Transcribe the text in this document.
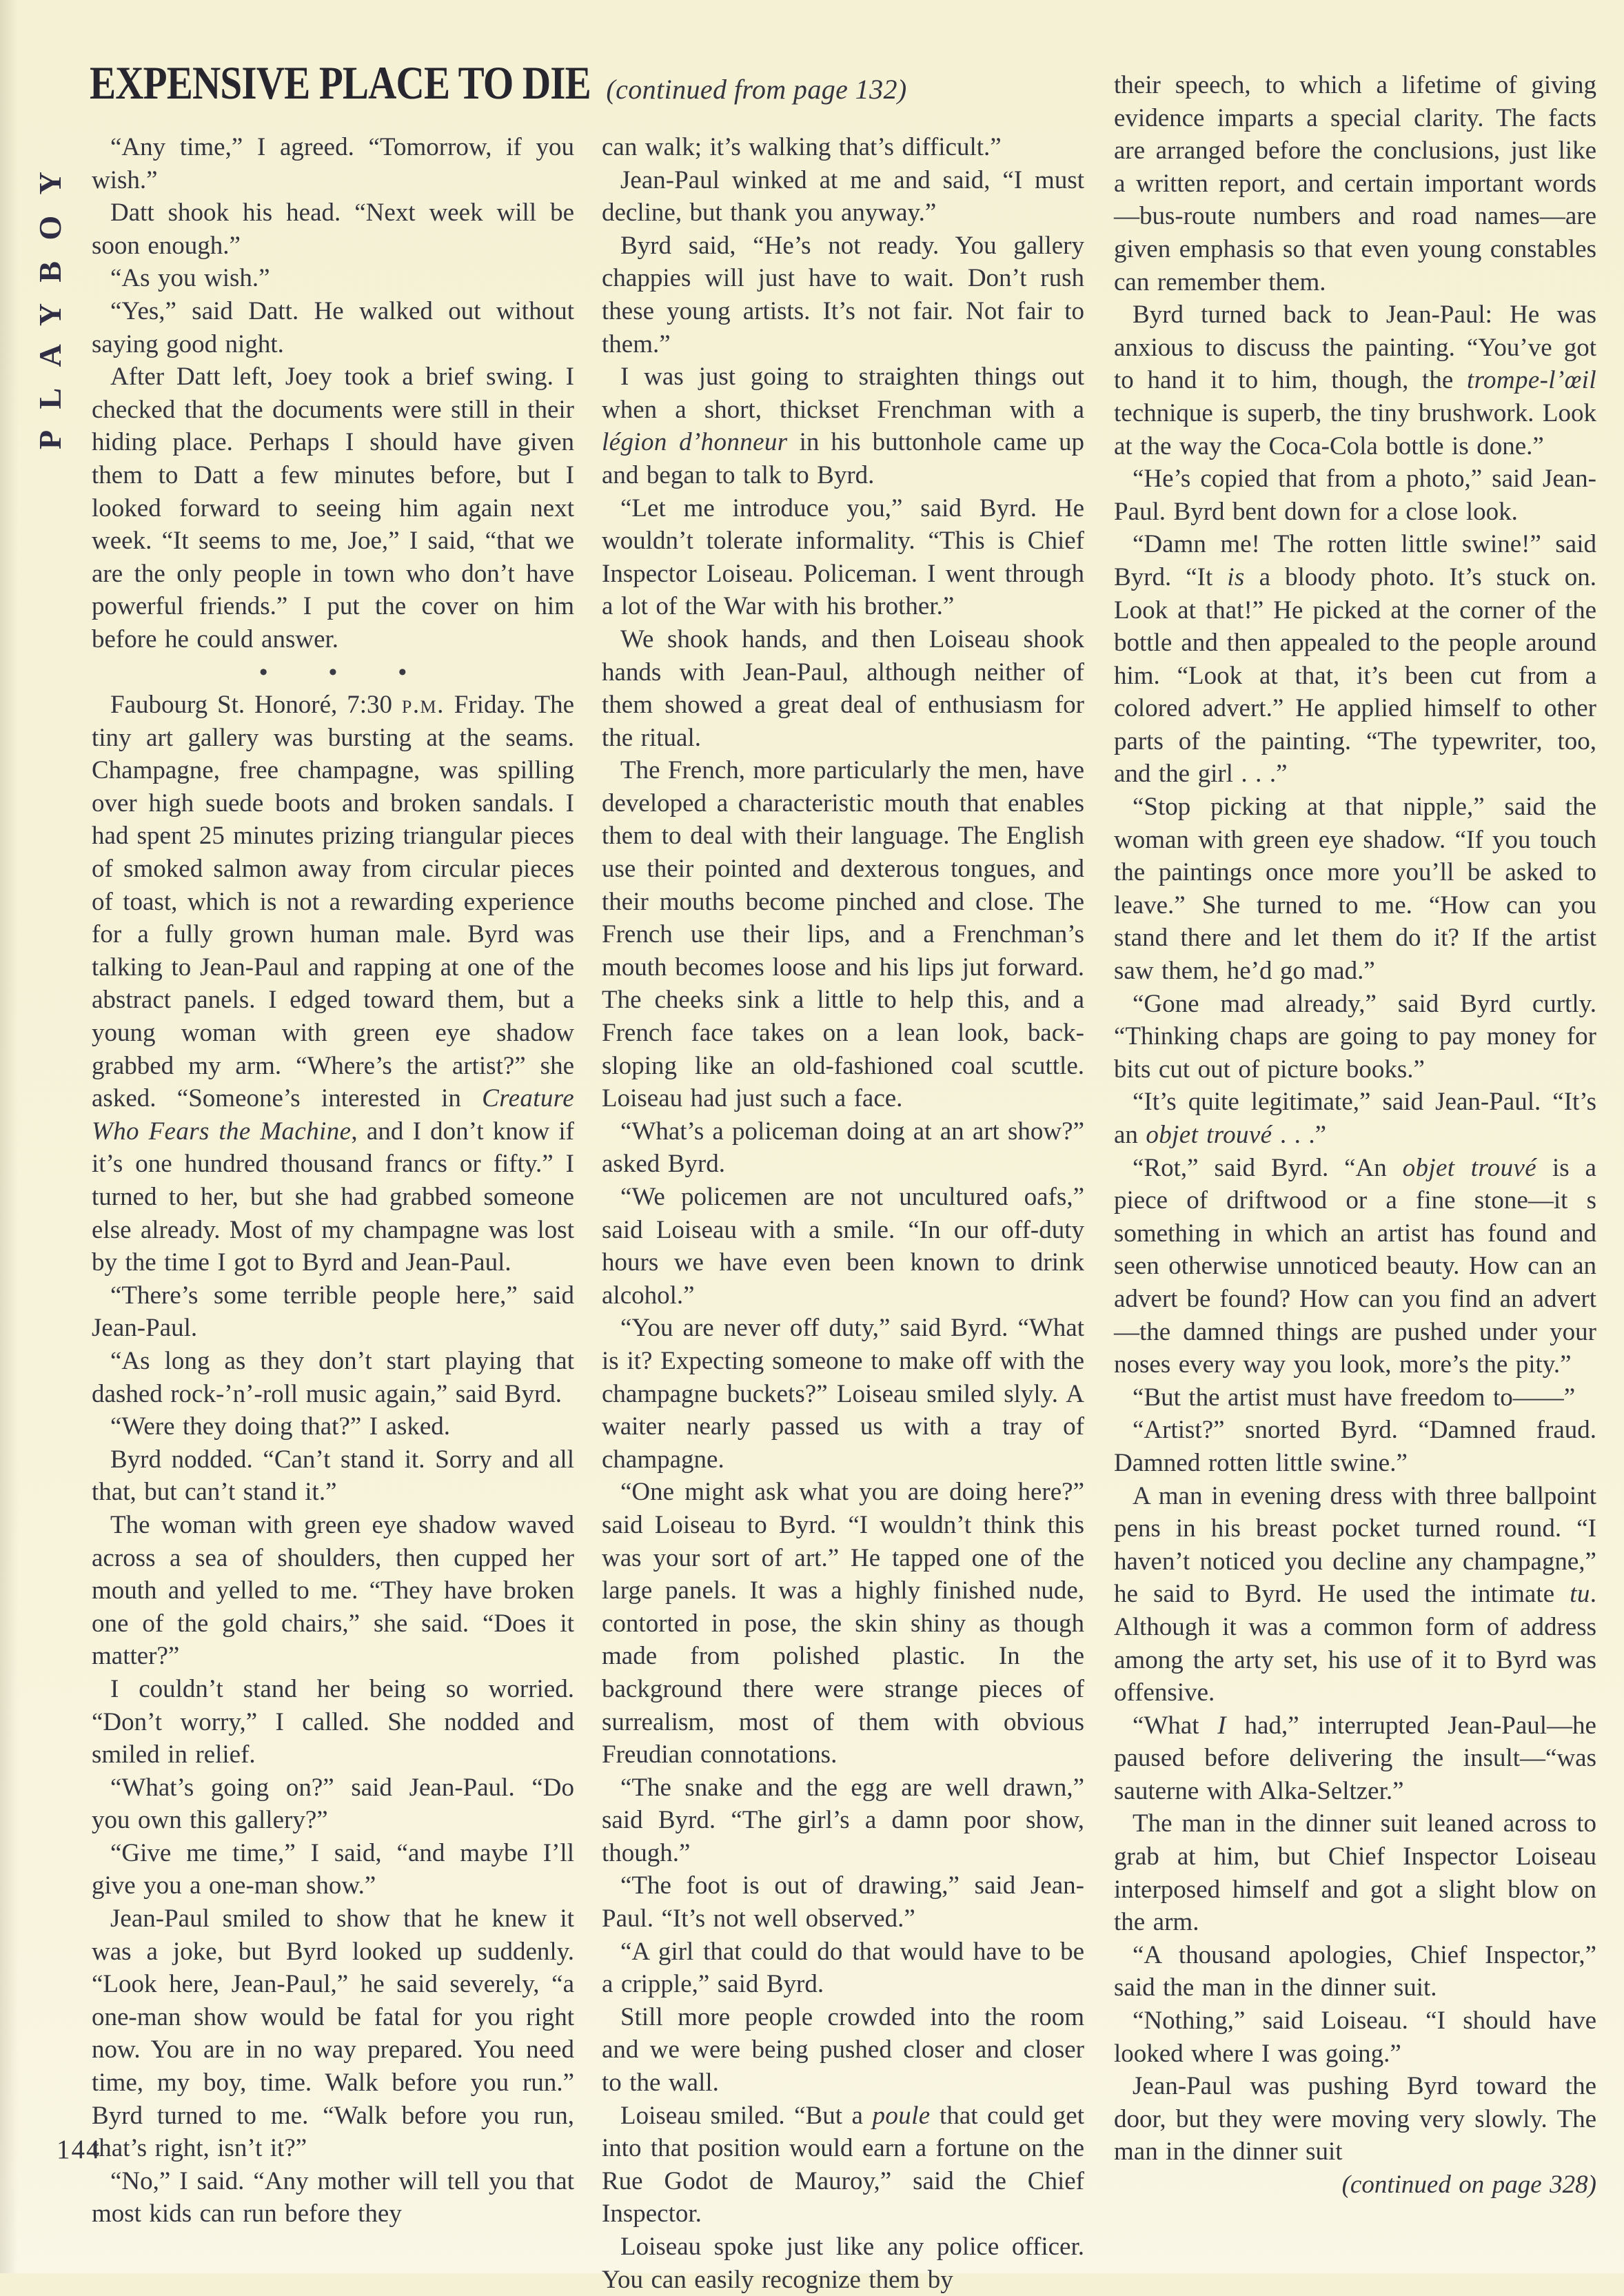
PLAYBOY
EXPENSIVE PLACE TO DIE (continued from page 132)

“Any time,” I agreed. “Tomorrow, if you wish.”

Datt shook his head. “Next week will be soon enough.”

“As you wish.”

“Yes,” said Datt. He walked out without saying good night.

After Datt left, Joey took a brief swing. I checked that the documents were still in their hiding place. Perhaps I should have given them to Datt a few minutes before, but I looked forward to seeing him again next week. “It seems to me, Joe,” I said, “that we are the only people in town who don’t have powerful friends.” I put the cover on him before he could answer.

• • •

Faubourg St. Honoré, 7:30 p.m. Friday. The tiny art gallery was bursting at the seams. Champagne, free champagne, was spilling over high suede boots and broken sandals. I had spent 25 minutes prizing triangular pieces of smoked salmon away from circular pieces of toast, which is not a rewarding experience for a fully grown human male. Byrd was talking to Jean-Paul and rapping at one of the abstract panels. I edged toward them, but a young woman with green eye shadow grabbed my arm. “Where’s the artist?” she asked. “Someone’s interested in Creature Who Fears the Machine, and I don’t know if it’s one hundred thousand francs or fifty.” I turned to her, but she had grabbed someone else already. Most of my champagne was lost by the time I got to Byrd and Jean-Paul.

“There’s some terrible people here,” said Jean-Paul.

“As long as they don’t start playing that dashed rock-’n’-roll music again,” said Byrd.

“Were they doing that?” I asked.

Byrd nodded. “Can’t stand it. Sorry and all that, but can’t stand it.”

The woman with green eye shadow waved across a sea of shoulders, then cupped her mouth and yelled to me. “They have broken one of the gold chairs,” she said. “Does it matter?”

I couldn’t stand her being so worried. “Don’t worry,” I called. She nodded and smiled in relief.

“What’s going on?” said Jean-Paul. “Do you own this gallery?”

“Give me time,” I said, “and maybe I’ll give you a one-man show.”

Jean-Paul smiled to show that he knew it was a joke, but Byrd looked up suddenly. “Look here, Jean-Paul,” he said severely, “a one-man show would be fatal for you right now. You are in no way prepared. You need time, my boy, time. Walk before you run.” Byrd turned to me. “Walk before you run, that’s right, isn’t it?”

“No,” I said. “Any mother will tell you that most kids can run before they

can walk; it’s walking that’s difficult.”

Jean-Paul winked at me and said, “I must decline, but thank you anyway.”

Byrd said, “He’s not ready. You gallery chappies will just have to wait. Don’t rush these young artists. It’s not fair. Not fair to them.”

I was just going to straighten things out when a short, thickset Frenchman with a légion d’honneur in his buttonhole came up and began to talk to Byrd.

“Let me introduce you,” said Byrd. He wouldn’t tolerate informality. “This is Chief Inspector Loiseau. Policeman. I went through a lot of the War with his brother.”

We shook hands, and then Loiseau shook hands with Jean-Paul, although neither of them showed a great deal of enthusiasm for the ritual.

The French, more particularly the men, have developed a characteristic mouth that enables them to deal with their language. The English use their pointed and dexterous tongues, and their mouths become pinched and close. The French use their lips, and a Frenchman’s mouth becomes loose and his lips jut forward. The cheeks sink a little to help this, and a French face takes on a lean look, back-sloping like an old-fashioned coal scuttle. Loiseau had just such a face.

“What’s a policeman doing at an art show?” asked Byrd.

“We policemen are not uncultured oafs,” said Loiseau with a smile. “In our off-duty hours we have even been known to drink alcohol.”

“You are never off duty,” said Byrd. “What is it? Expecting someone to make off with the champagne buckets?” Loiseau smiled slyly. A waiter nearly passed us with a tray of champagne.

“One might ask what you are doing here?” said Loiseau to Byrd. “I wouldn’t think this was your sort of art.” He tapped one of the large panels. It was a highly finished nude, contorted in pose, the skin shiny as though made from polished plastic. In the background there were strange pieces of surrealism, most of them with obvious Freudian connotations.

“The snake and the egg are well drawn,” said Byrd. “The girl’s a damn poor show, though.”

“The foot is out of drawing,” said Jean-Paul. “It’s not well observed.”

“A girl that could do that would have to be a cripple,” said Byrd.

Still more people crowded into the room and we were being pushed closer and closer to the wall.

Loiseau smiled. “But a poule that could get into that position would earn a fortune on the Rue Godot de Mauroy,” said the Chief Inspector.

Loiseau spoke just like any police officer. You can easily recognize them by

their speech, to which a lifetime of giving evidence imparts a special clarity. The facts are arranged before the conclusions, just like a written report, and certain important words—bus-route numbers and road names—are given emphasis so that even young constables can remember them.

Byrd turned back to Jean-Paul: He was anxious to discuss the painting. “You’ve got to hand it to him, though, the trompe-l’œil technique is superb, the tiny brushwork. Look at the way the Coca-Cola bottle is done.”

“He’s copied that from a photo,” said Jean-Paul. Byrd bent down for a close look.

“Damn me! The rotten little swine!” said Byrd. “It is a bloody photo. It’s stuck on. Look at that!” He picked at the corner of the bottle and then appealed to the people around him. “Look at that, it’s been cut from a colored advert.” He applied himself to other parts of the painting. “The typewriter, too, and the girl . . .”

“Stop picking at that nipple,” said the woman with green eye shadow. “If you touch the paintings once more you’ll be asked to leave.” She turned to me. “How can you stand there and let them do it? If the artist saw them, he’d go mad.”

“Gone mad already,” said Byrd curtly. “Thinking chaps are going to pay money for bits cut out of picture books.”

“It’s quite legitimate,” said Jean-Paul. “It’s an objet trouvé . . .”

“Rot,” said Byrd. “An objet trouvé is a piece of driftwood or a fine stone—it s something in which an artist has found and seen otherwise unnoticed beauty. How can an advert be found? How can you find an advert—the damned things are pushed under your noses every way you look, more’s the pity.”

“But the artist must have freedom to——”

“Artist?” snorted Byrd. “Damned fraud. Damned rotten little swine.”

A man in evening dress with three ballpoint pens in his breast pocket turned round. “I haven’t noticed you decline any champagne,” he said to Byrd. He used the intimate tu. Although it was a common form of address among the arty set, his use of it to Byrd was offensive.

“What I had,” interrupted Jean-Paul—he paused before delivering the insult—“was sauterne with Alka-Seltzer.”

The man in the dinner suit leaned across to grab at him, but Chief Inspector Loiseau interposed himself and got a slight blow on the arm.

“A thousand apologies, Chief Inspector,” said the man in the dinner suit.

“Nothing,” said Loiseau. “I should have looked where I was going.”

Jean-Paul was pushing Byrd toward the door, but they were moving very slowly. The man in the dinner suit

(continued on page 328)

144
